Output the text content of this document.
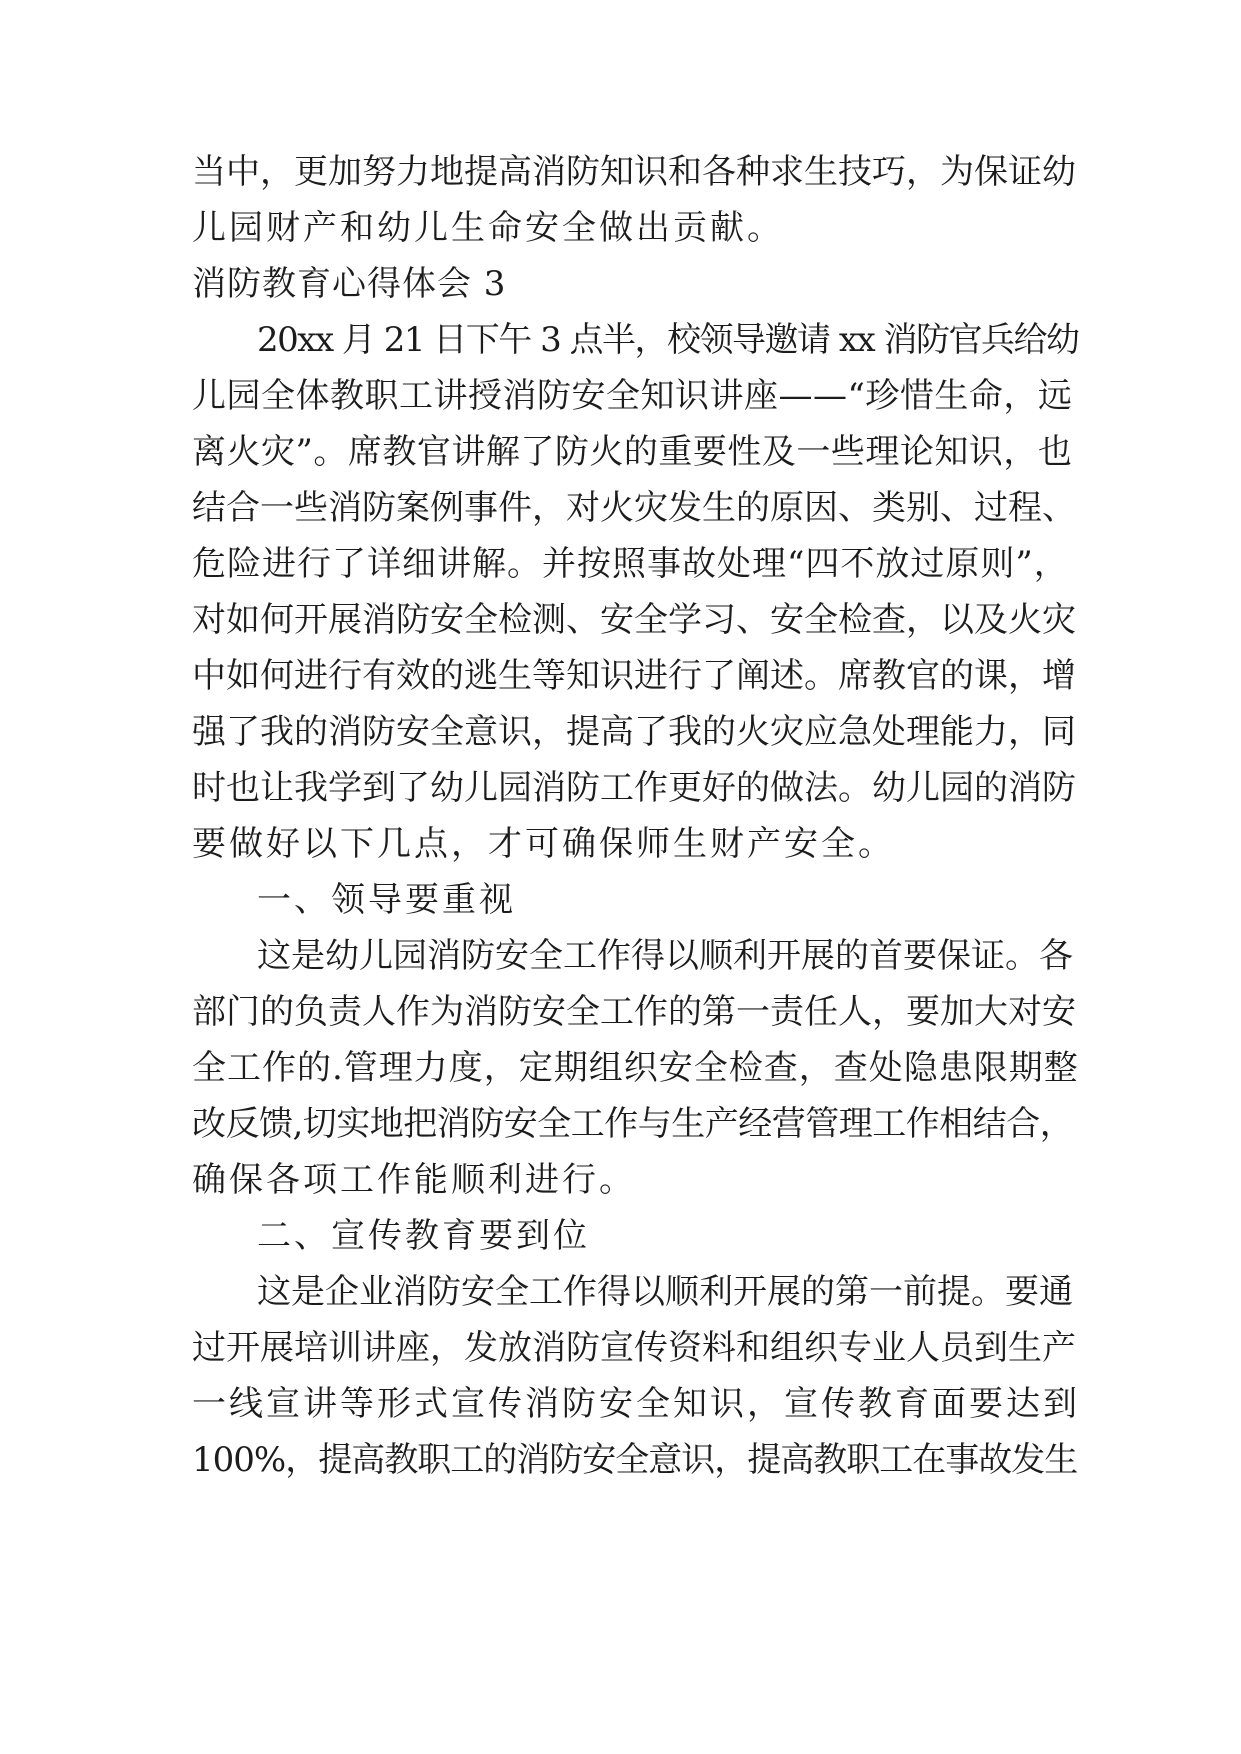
当中，更加努力地提高消防知识和各种求生技巧，为保证幼
儿园财产和幼儿生命安全做出贡献。
消防教育心得体会 3
20xx 月 21 日下午 3 点半，校领导邀请 xx 消防官兵给幼
儿园全体教职工讲授消防安全知识讲座——“珍惜生命，远
离火灾”。席教官讲解了防火的重要性及一些理论知识，也
结合一些消防案例事件，对火灾发生的原因、类别、过程、
危险进行了详细讲解。并按照事故处理“四不放过原则”，
对如何开展消防安全检测、安全学习、安全检查，以及火灾
中如何进行有效的逃生等知识进行了阐述。席教官的课，增
强了我的消防安全意识，提高了我的火灾应急处理能力，同
时也让我学到了幼儿园消防工作更好的做法。幼儿园的消防
要做好以下几点，才可确保师生财产安全。
一、领导要重视
这是幼儿园消防安全工作得以顺利开展的首要保证。各
部门的负责人作为消防安全工作的第一责任人，要加大对安
全工作的.管理力度，定期组织安全检查，查处隐患限期整
改反馈,切实地把消防安全工作与生产经营管理工作相结合，
确保各项工作能顺利进行。
二、宣传教育要到位
这是企业消防安全工作得以顺利开展的第一前提。要通
过开展培训讲座，发放消防宣传资料和组织专业人员到生产
一线宣讲等形式宣传消防安全知识，宣传教育面要达到
100%，提高教职工的消防安全意识，提高教职工在事故发生
